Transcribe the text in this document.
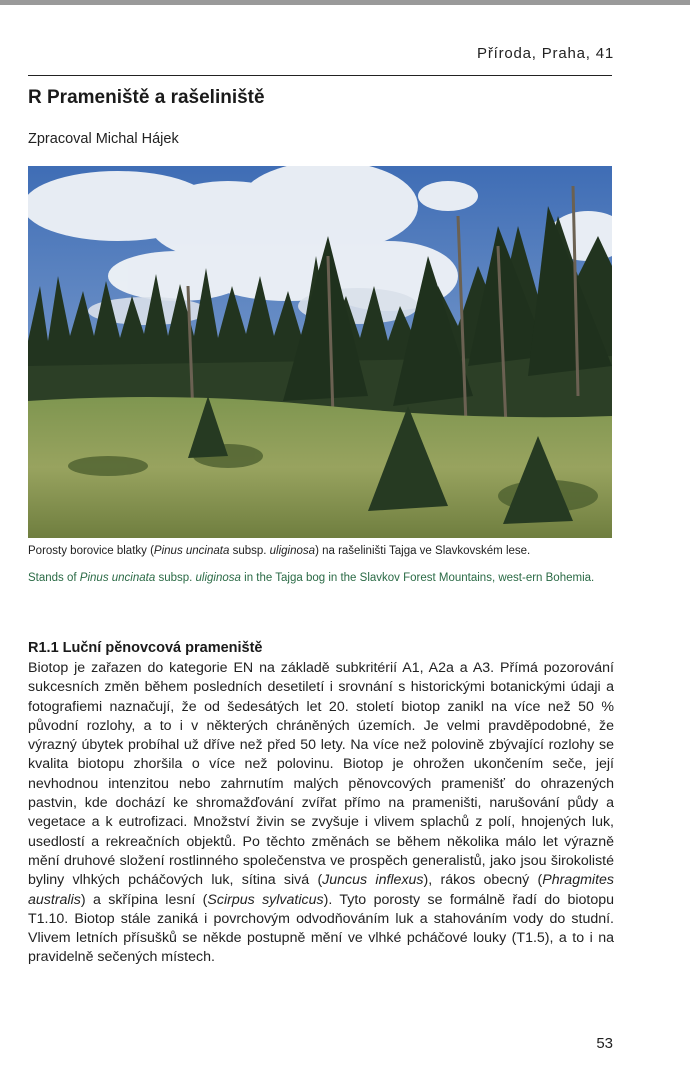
Příroda, Praha, 41
R Prameniště a rašeliniště
Zpracoval Michal Hájek
Porosty borovice blatky (Pinus uncinata subsp. uliginosa) na rašeliništi Tajga ve Slavkovském lese.
Stands of Pinus uncinata subsp. uliginosa in the Tajga bog in the Slavkov Forest Mountains, west-ern Bohemia.
R1.1 Luční pěnovcová prameniště

Biotop je zařazen do kategorie EN na základě subkritérií A1, A2a a A3. Přímá pozorování sukcesních změn během posledních desetiletí i srovnání s historickými botanickými údaji a fotografiemi naznačují, že od šedesátých let 20. století biotop zanikl na více než 50 % původní rozlohy, a to i v některých chráněných územích. Je velmi pravděpodobné, že výrazný úbytek probíhal už dříve než před 50 lety. Na více než polovině zbývající rozlohy se kvalita biotopu zhoršila o více než polovinu. Biotop je ohrožen ukončením seče, její nevhodnou intenzitou nebo zahrnutím malých pěnovcových pramenišť do ohrazených pastvin, kde dochází ke shromažďování zvířat přímo na prameništi, narušování půdy a vegetace a k eutrofizaci. Množství živin se zvyšuje i vlivem splachů z polí, hnojených luk, usedlostí a rekreačních objektů. Po těchto změnách se během několika málo let výrazně mění druhové složení rostlinného společenstva ve prospěch generalistů, jako jsou širokolisté byliny vlhkých pcháčových luk, sítina sivá (Juncus inflexus), rákos obecný (Phragmites australis) a skřípina lesní (Scirpus sylvaticus). Tyto porosty se formálně řadí do biotopu T1.10. Biotop stále zaniká i povrchovým odvodňováním luk a stahováním vody do studní. Vlivem letních přísušků se někde postupně mění ve vlhké pcháčové louky (T1.5), a to i na pravidelně sečených místech.

53
